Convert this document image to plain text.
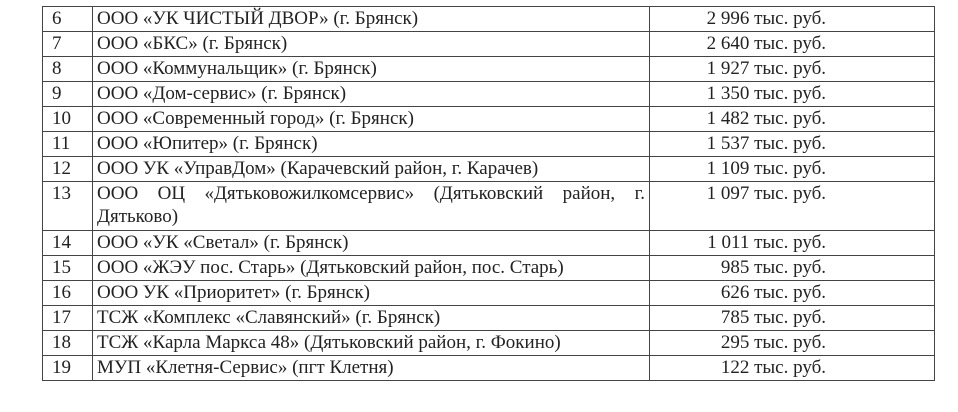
6	ООО «УК ЧИСТЫЙ ДВОР» (г. Брянск)	2 996 тыс. руб.
7	ООО «БКС» (г. Брянск)	2 640 тыс. руб.
8	ООО «Коммунальщик» (г. Брянск)	1 927 тыс. руб.
9	ООО «Дом-сервис» (г. Брянск)	1 350 тыс. руб.
10	ООО «Современный город» (г. Брянск)	1 482 тыс. руб.
11	ООО «Юпитер» (г. Брянск)	1 537 тыс. руб.
12	ООО УК «УправДом» (Карачевский район, г. Карачев)	1 109 тыс. руб.
13	ООО ОЦ «Дятьковожилкомсервис» (Дятьковский район, г. Дятьково)	1 097 тыс. руб.
14	ООО «УК «Светал» (г. Брянск)	1 011 тыс. руб.
15	ООО «ЖЭУ пос. Старь» (Дятьковский район, пос. Старь)	985 тыс. руб.
16	ООО УК «Приоритет» (г. Брянск)	626 тыс. руб.
17	ТСЖ «Комплекс «Славянский» (г. Брянск)	785 тыс. руб.
18	ТСЖ «Карла Маркса 48» (Дятьковский район, г. Фокино)	295 тыс. руб.
19	МУП «Клетня-Сервис» (пгт Клетня)	122 тыс. руб.
